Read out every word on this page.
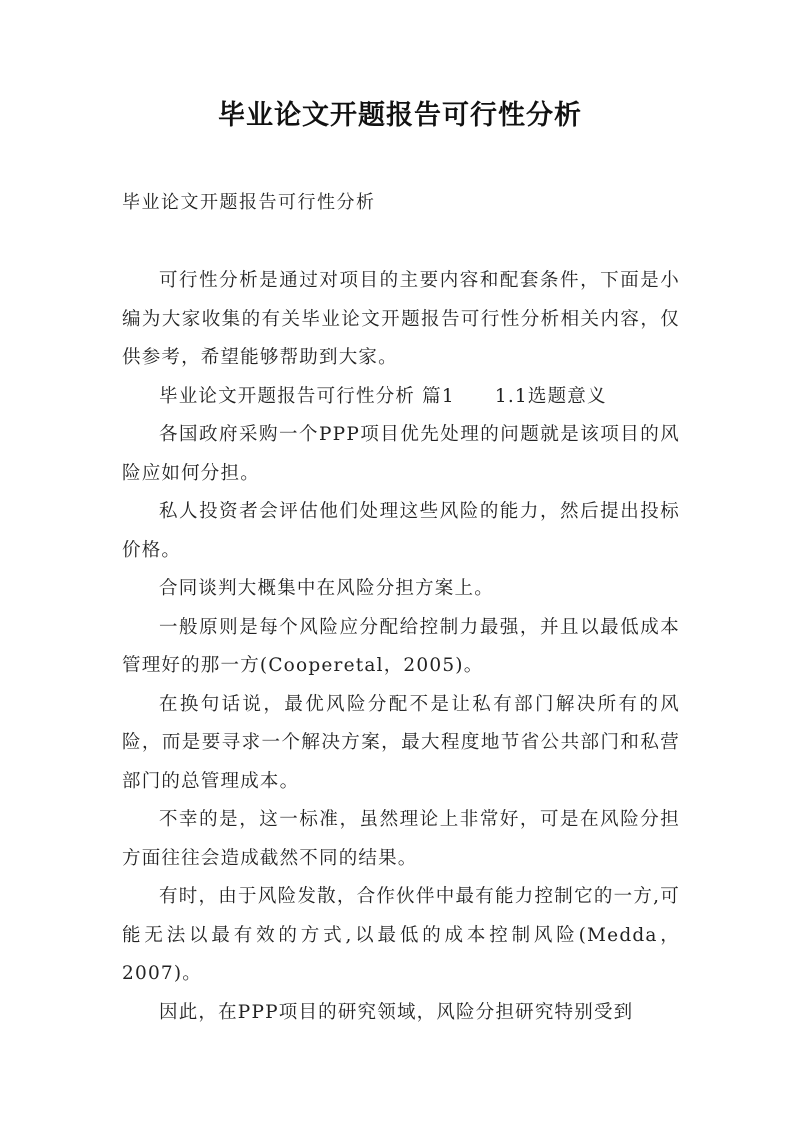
毕业论文开题报告可行性分析
毕业论文开题报告可行性分析

可行性分析是通过对项目的主要内容和配套条件，下面是小编为大家收集的有关毕业论文开题报告可行性分析相关内容，仅供参考，希望能够帮助到大家。

毕业论文开题报告可行性分析 篇1 1.1选题意义

各国政府采购一个PPP项目优先处理的问题就是该项目的风险应如何分担。

私人投资者会评估他们处理这些风险的能力，然后提出投标价格。

合同谈判大概集中在风险分担方案上。

一般原则是每个风险应分配给控制力最强，并且以最低成本管理好的那一方(Cooperetal，2005)。

在换句话说，最优风险分配不是让私有部门解决所有的风险，而是要寻求一个解决方案，最大程度地节省公共部门和私营部门的总管理成本。

不幸的是，这一标准，虽然理论上非常好，可是在风险分担方面往往会造成截然不同的结果。

有时，由于风险发散，合作伙伴中最有能力控制它的一方,可能无法以最有效的方式,以最低的成本控制风险(Medda，2007)。

因此，在PPP项目的研究领域，风险分担研究特别受到
